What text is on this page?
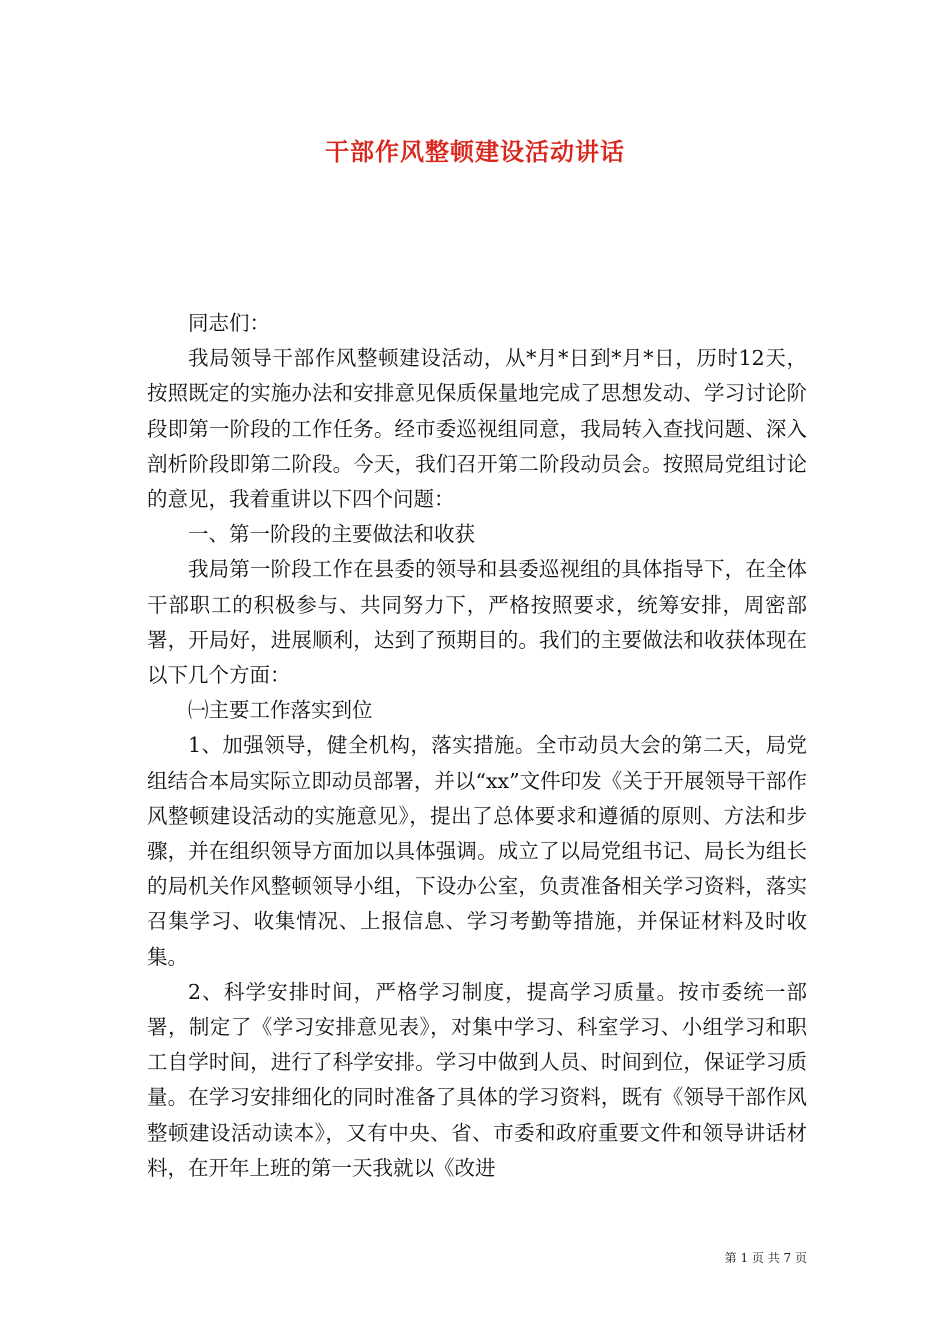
干部作风整顿建设活动讲话

同志们：

我局领导干部作风整顿建设活动，从*月*日到*月*日，历时12天，按照既定的实施办法和安排意见保质保量地完成了思想发动、学习讨论阶段即第一阶段的工作任务。经市委巡视组同意，我局转入查找问题、深入剖析阶段即第二阶段。今天，我们召开第二阶段动员会。按照局党组讨论的意见，我着重讲以下四个问题：

一、第一阶段的主要做法和收获

我局第一阶段工作在县委的领导和县委巡视组的具体指导下，在全体干部职工的积极参与、共同努力下，严格按照要求，统筹安排，周密部署，开局好，进展顺利，达到了预期目的。我们的主要做法和收获体现在以下几个方面：

㈠主要工作落实到位

1、加强领导，健全机构，落实措施。全市动员大会的第二天，局党组结合本局实际立即动员部署，并以“xx”文件印发《关于开展领导干部作风整顿建设活动的实施意见》，提出了总体要求和遵循的原则、方法和步骤，并在组织领导方面加以具体强调。成立了以局党组书记、局长为组长的局机关作风整顿领导小组，下设办公室，负责准备相关学习资料，落实召集学习、收集情况、上报信息、学习考勤等措施，并保证材料及时收集。

2、科学安排时间，严格学习制度，提高学习质量。按市委统一部署，制定了《学习安排意见表》，对集中学习、科室学习、小组学习和职工自学时间，进行了科学安排。学习中做到人员、时间到位，保证学习质量。在学习安排细化的同时准备了具体的学习资料，既有《领导干部作风整顿建设活动读本》，又有中央、省、市委和政府重要文件和领导讲话材料，在开年上班的第一天我就以《改进

第 1 页 共 7 页
